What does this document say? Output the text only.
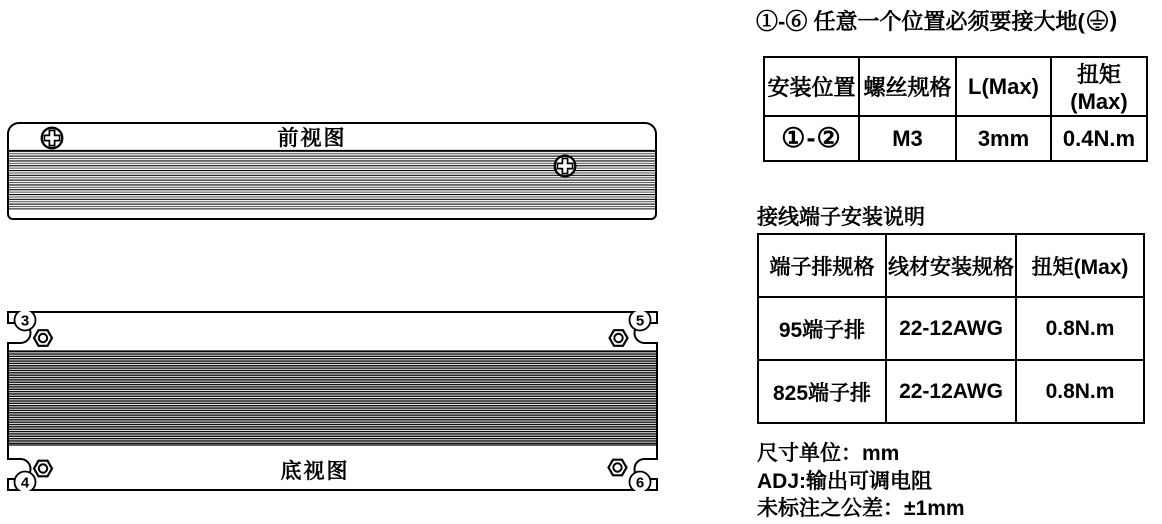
前视图
3	5
4	6
底视图
①-⑥ 任意一个位置必须要接大地( )
安装位置	螺丝规格	L(Max)	扭矩(Max)
①-②	M3	3mm	0.4N.m
接线端子安装说明
端子排规格	线材安装规格	扭矩(Max)
95端子排	22-12AWG	0.8N.m
825端子排	22-12AWG	0.8N.m
尺寸单位：mm
ADJ:输出可调电阻
未标注之公差：±1mm
